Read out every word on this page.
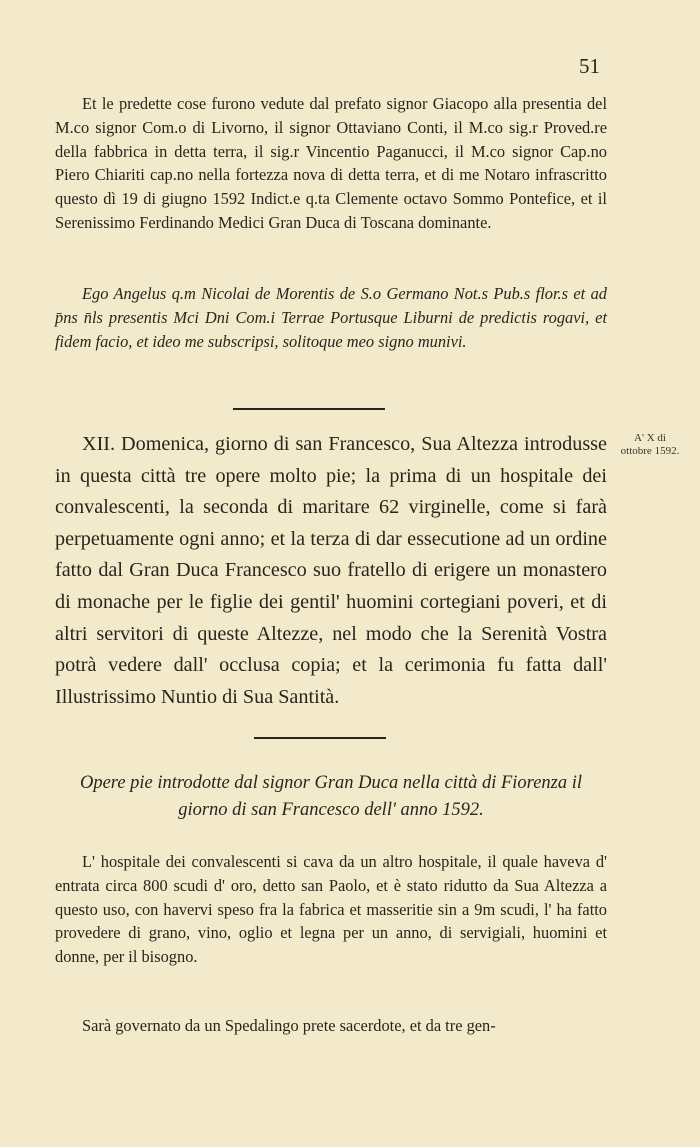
51

Et le predette cose furono vedute dal prefato signor Giacopo alla presentia del M.co signor Com.o di Livorno, il signor Ottaviano Conti, il M.co sig.r Proved.re della fabbrica in detta terra, il sig.r Vincentio Paganucci, il M.co signor Cap.no Piero Chiariti cap.no nella fortezza nova di detta terra, et di me Notaro infrascritto questo dì 19 di giugno 1592 Indict.e q.ta Clemente octavo Sommo Pontefice, et il Serenissimo Ferdinando Medici Gran Duca di Toscana dominante.

Ego Angelus q.m Nicolai de Morentis de S.o Germano Not.s Pub.s flor.s et ad p̄ns n̄ls presentis Mci Dni Com.i Terrae Portusque Liburni de predictis rogavi, et fidem facio, et ideo me subscripsi, solitoque meo signo munivi.

XII. Domenica, giorno di san Francesco, Sua Altezza introdusse in questa città tre opere molto pie; la prima di un hospitale dei convalescenti, la seconda di maritare 62 virginelle, come si farà perpetuamente ogni anno; et la terza di dar essecutione ad un ordine fatto dal Gran Duca Francesco suo fratello di erigere un monastero di monache per le figlie dei gentil' huomini cortegiani poveri, et di altri servitori di queste Altezze, nel modo che la Serenità Vostra potrà vedere dall' occlusa copia; et la cerimonia fu fatta dall' Illustrissimo Nuntio di Sua Santità.

A' X di ottobre 1592.

Opere pie introdotte dal signor Gran Duca nella città di Fiorenza il giorno di san Francesco dell' anno 1592.

L' hospitale dei convalescenti si cava da un altro hospitale, il quale haveva d' entrata circa 800 scudi d' oro, detto san Paolo, et è stato ridutto da Sua Altezza a questo uso, con havervi speso fra la fabrica et masseritie sin a 9m scudi, l' ha fatto provedere di grano, vino, oglio et legna per un anno, di servigiali, huomini et donne, per il bisogno.

Sarà governato da un Spedalingo prete sacerdote, et da tre gen-
